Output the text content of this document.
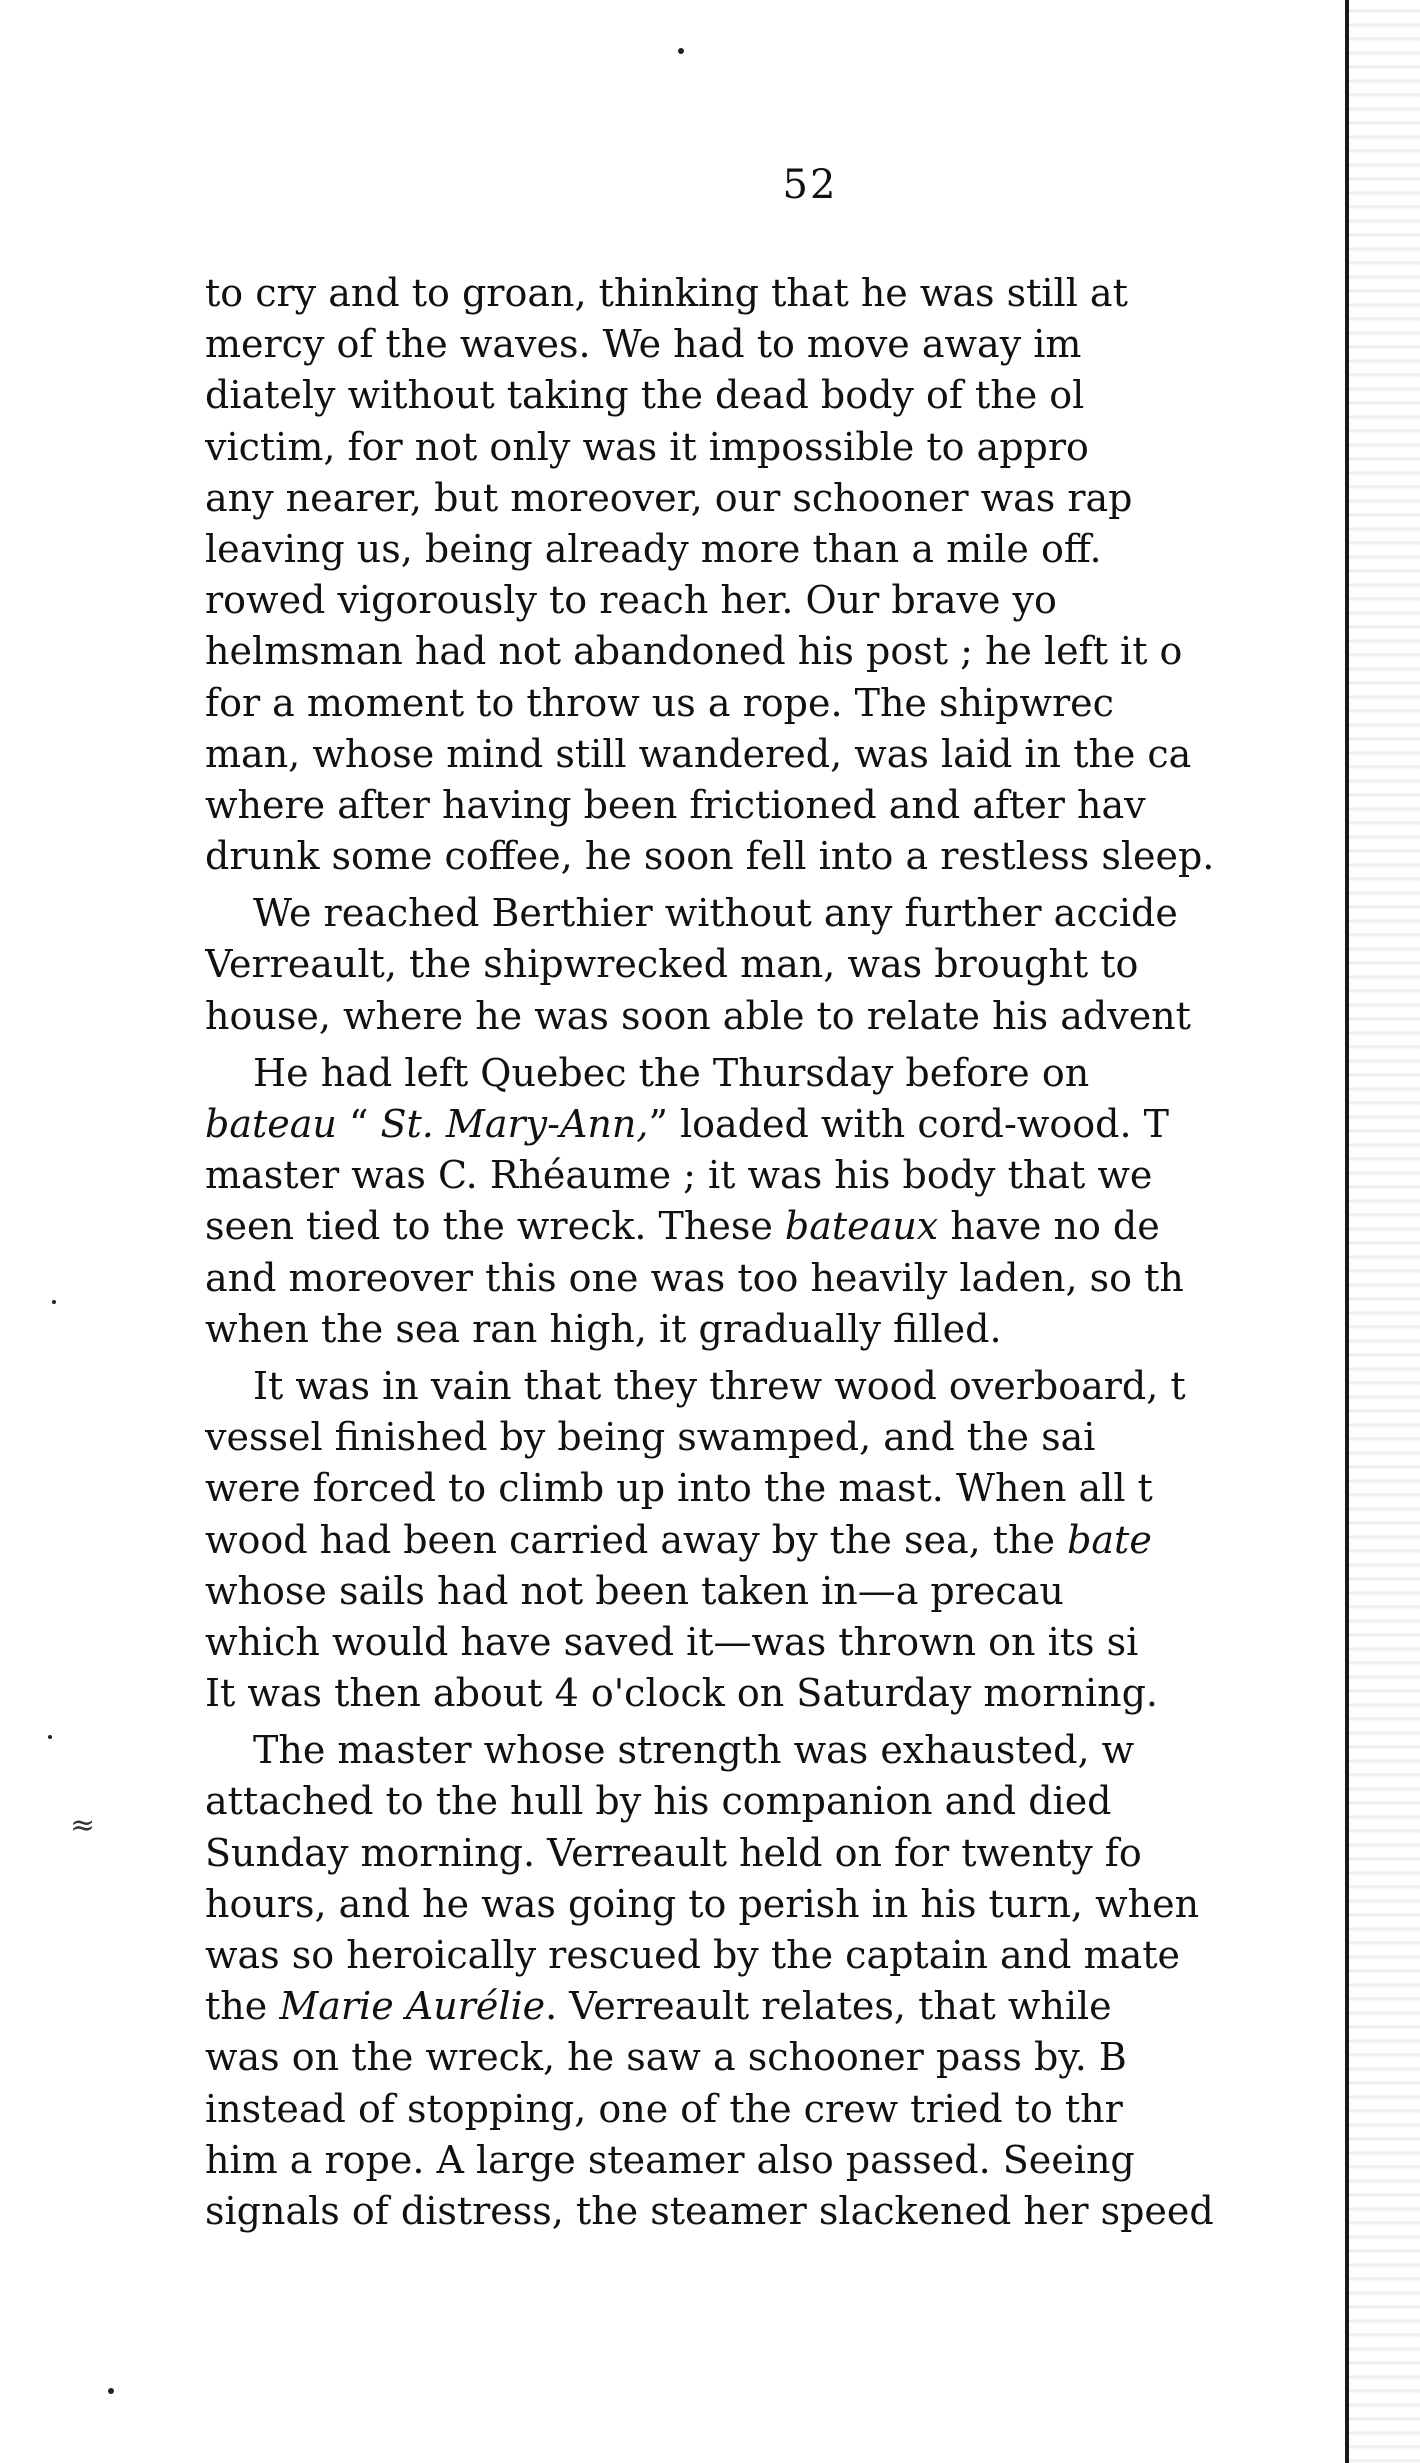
≈
52
to cry and to groan, thinking that he was still at
mercy of the waves. We had to move away im
diately without taking the dead body of the ol
victim, for not only was it impossible to appro
any nearer, but moreover, our schooner was rap
leaving us, being already more than a mile off.
rowed vigorously to reach her. Our brave yo
helmsman had not abandoned his post ; he left it o
for a moment to throw us a rope. The shipwrec
man, whose mind still wandered, was laid in the ca
where after having been frictioned and after hav
drunk some coffee, he soon fell into a restless sleep.
We reached Berthier without any further accide
Verreault, the shipwrecked man, was brought to
house, where he was soon able to relate his advent
He had left Quebec the Thursday before on
bateau “ St. Mary-Ann,” loaded with cord-wood. T
master was C. Rhéaume ; it was his body that we
seen tied to the wreck. These bateaux have no de
and moreover this one was too heavily laden, so th
when the sea ran high, it gradually filled.
It was in vain that they threw wood overboard, t
vessel finished by being swamped, and the sai
were forced to climb up into the mast. When all t
wood had been carried away by the sea, the bate
whose sails had not been taken in—a precau
which would have saved it—was thrown on its si
It was then about 4 o'clock on Saturday morning.
The master whose strength was exhausted, w
attached to the hull by his companion and died
Sunday morning. Verreault held on for twenty fo
hours, and he was going to perish in his turn, when
was so heroically rescued by the captain and mate
the Marie Aurélie. Verreault relates, that while
was on the wreck, he saw a schooner pass by. B
instead of stopping, one of the crew tried to thr
him a rope. A large steamer also passed. Seeing
signals of distress, the steamer slackened her speed
